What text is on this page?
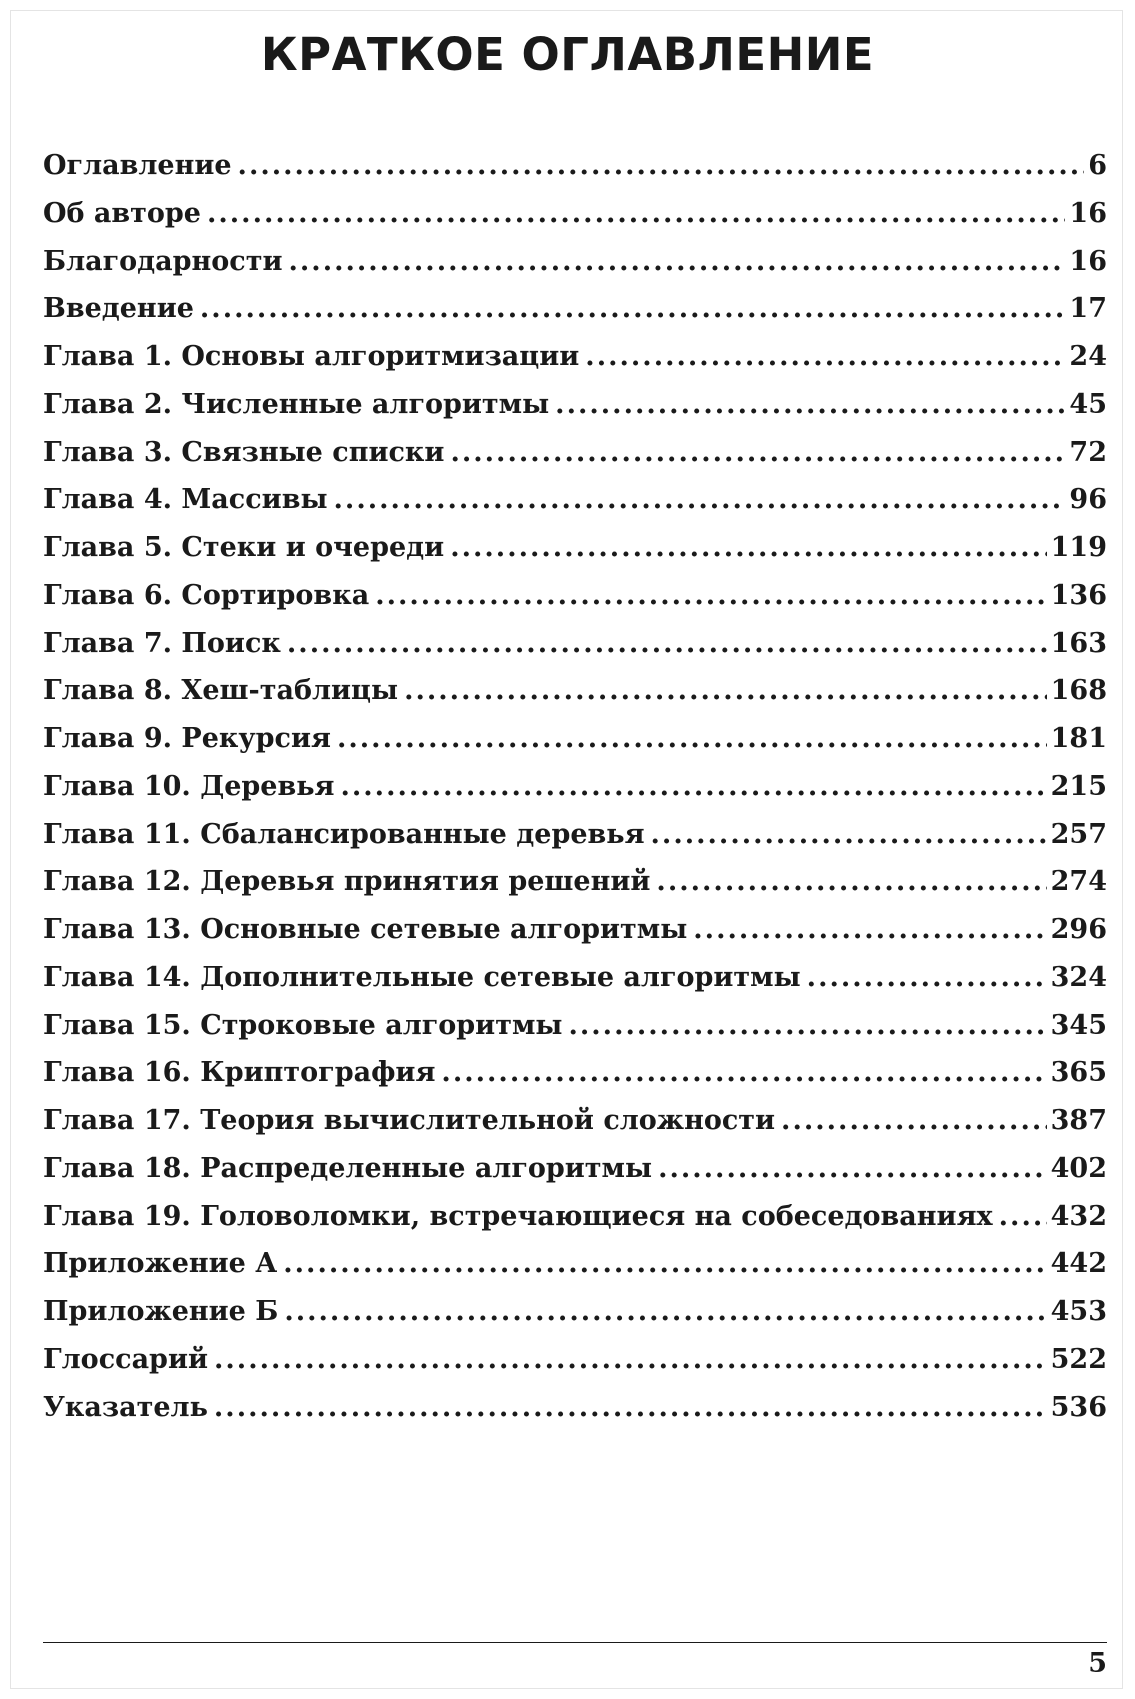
КРАТКОЕ ОГЛАВЛЕНИЕ
Оглавление .....	6
Об авторе .....	16
Благодарности .....	16
Введение .....	17
Глава 1. Основы алгоритмизации .....	24
Глава 2. Численные алгоритмы .....	45
Глава 3. Связные списки .....	72
Глава 4. Массивы .....	96
Глава 5. Стеки и очереди .....	119
Глава 6. Сортировка .....	136
Глава 7. Поиск .....	163
Глава 8. Хеш-таблицы .....	168
Глава 9. Рекурсия .....	181
Глава 10. Деревья .....	215
Глава 11. Сбалансированные деревья .....	257
Глава 12. Деревья принятия решений .....	274
Глава 13. Основные сетевые алгоритмы .....	296
Глава 14. Дополнительные сетевые алгоритмы .....	324
Глава 15. Строковые алгоритмы .....	345
Глава 16. Криптография .....	365
Глава 17. Теория вычислительной сложности .....	387
Глава 18. Распределенные алгоритмы .....	402
Глава 19. Головоломки, встречающиеся на собеседованиях ..... 432
Приложение А .....	442
Приложение Б .....	453
Глоссарий .....	522
Указатель .....	536
5
